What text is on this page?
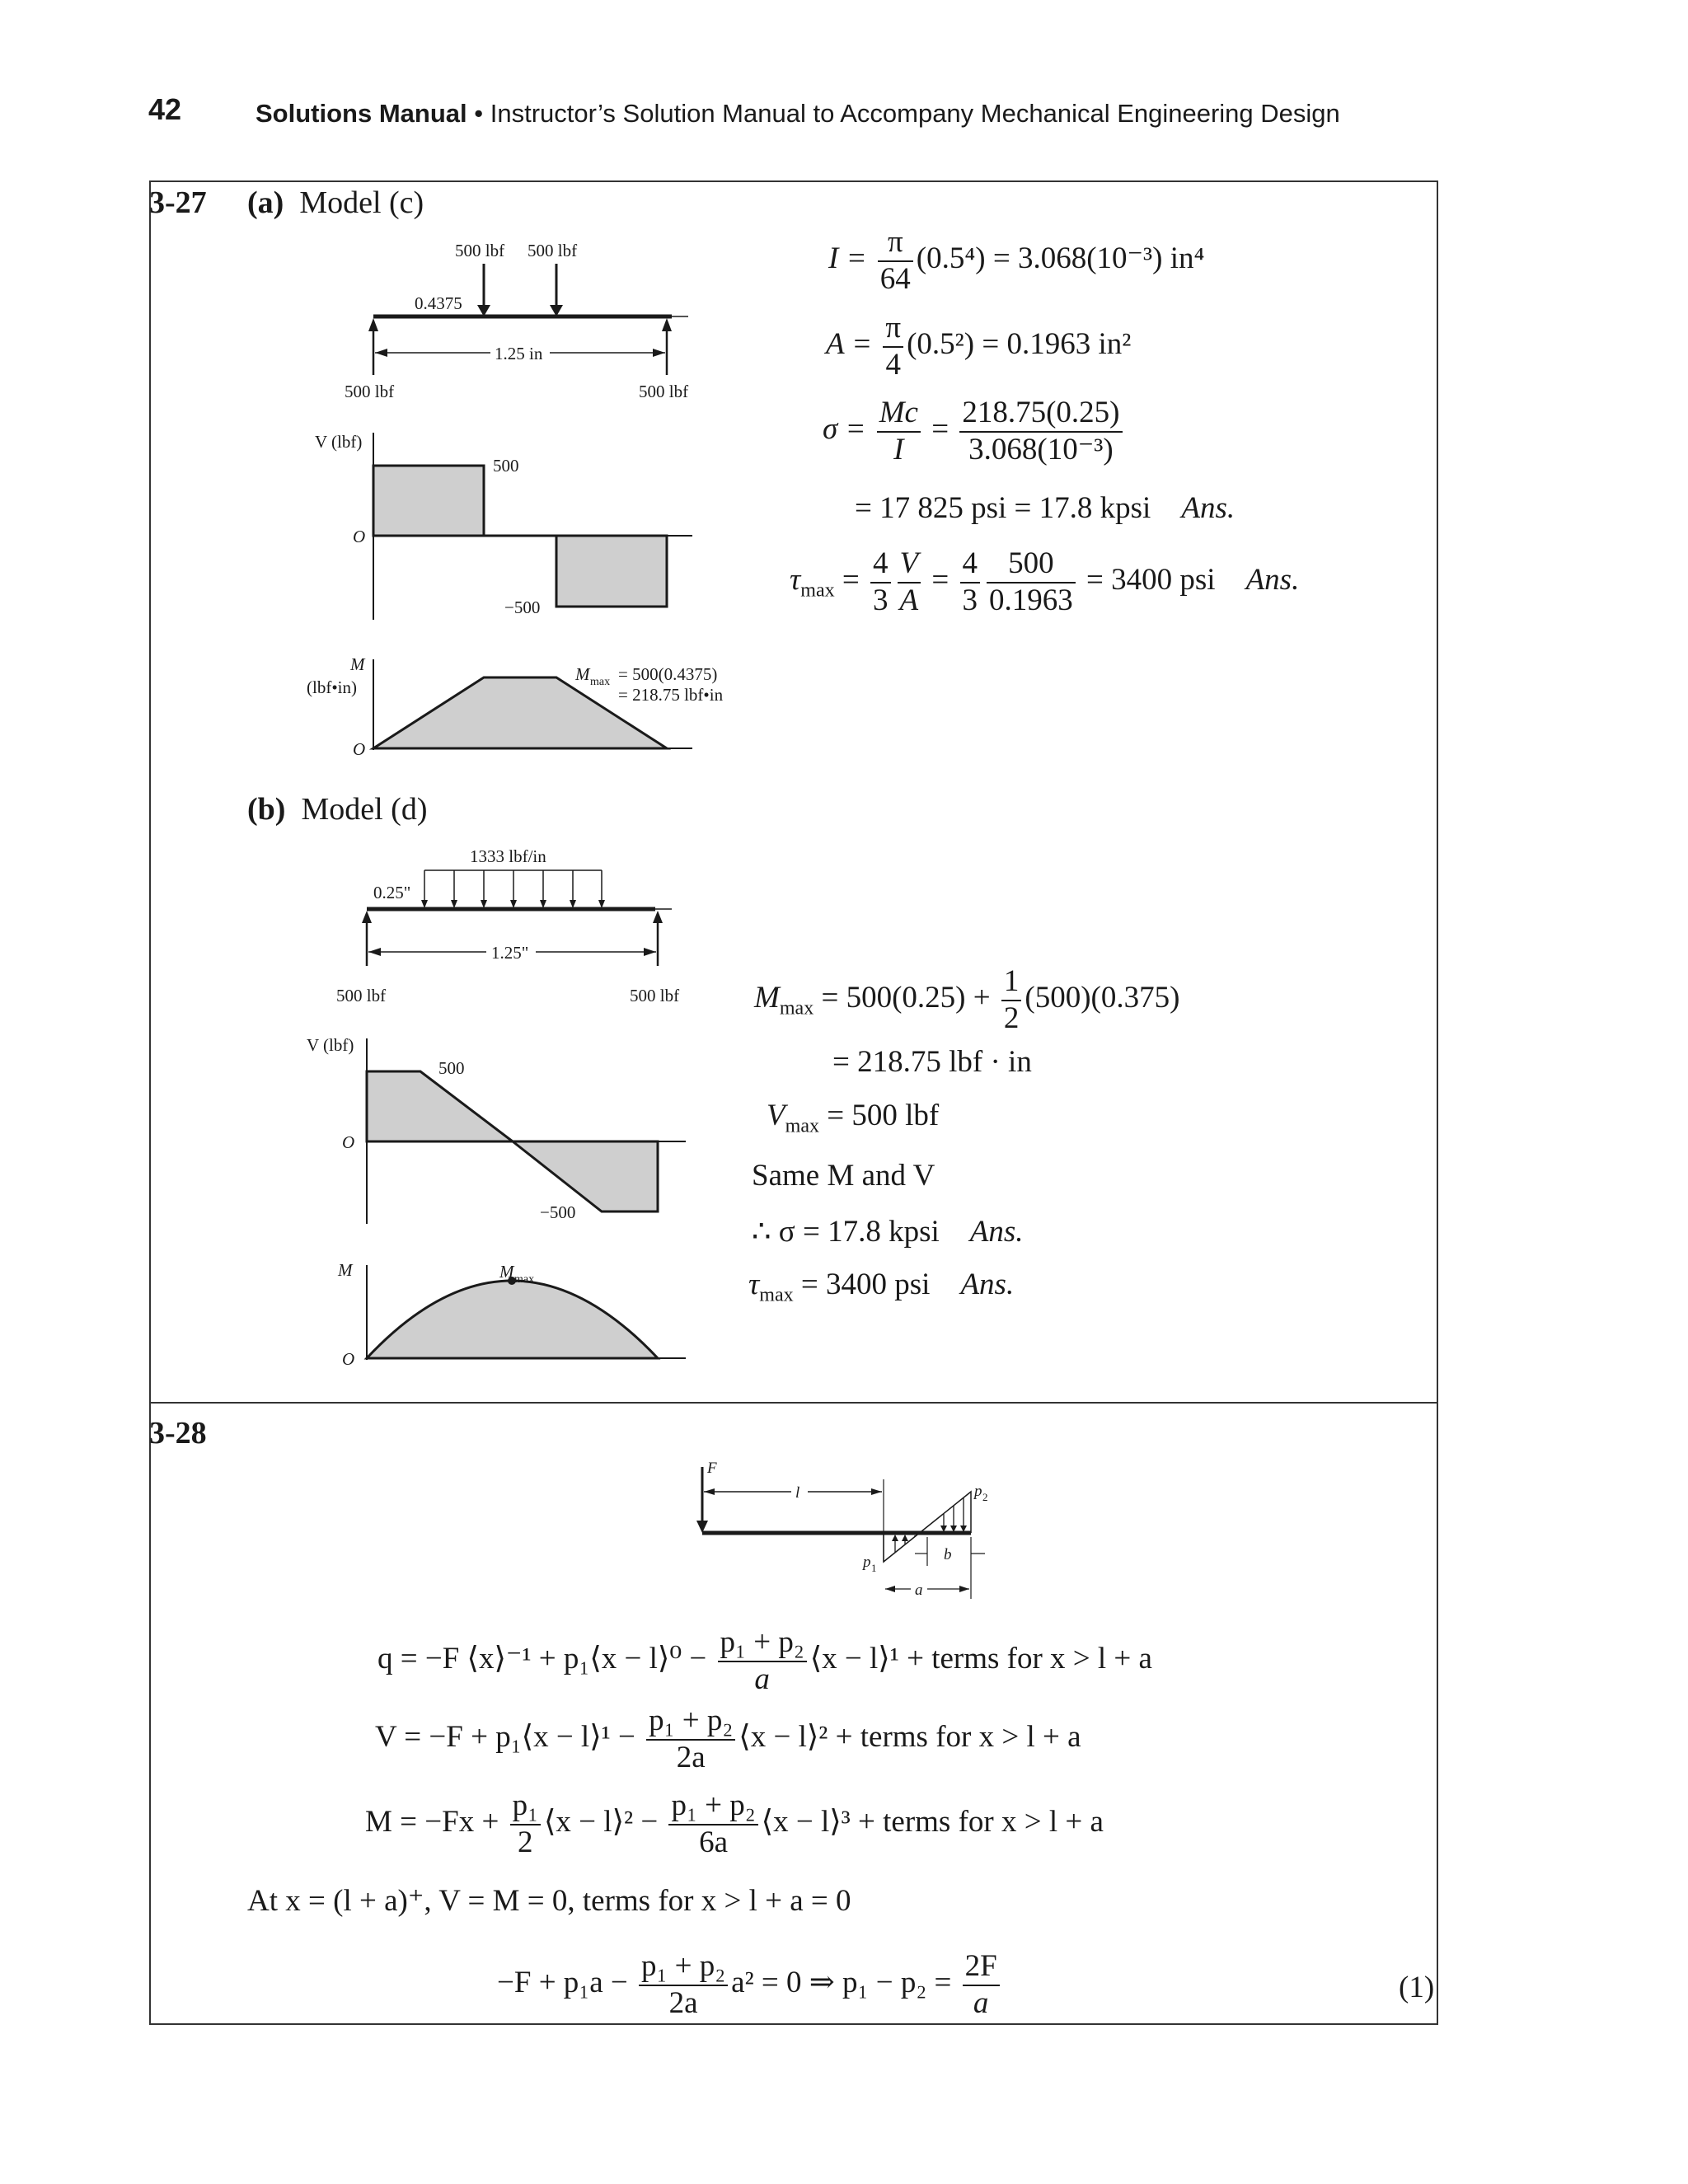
42	Solutions Manual • Instructor’s Solution Manual to Accompany Mechanical Engineering Design
3-27 (a) Model (c)
500 lbf 500 lbf
0.4375
1.25 in
500 lbf	500 lbf
V (lbf)
O
500
−500
M
(lbf•in)
O
M max = 500(0.4375)
= 218.75 lbf•in
$I = \frac{\pi}{64} (0.5^4) = 3.068(10^{-3})$ in⁴
$A = \frac{\pi}{4} (0.5^2) = 0.1963$ in²
$\sigma = \frac{Mc}{I} = \frac{218.75(0.25)}{\text{3.068(10⁻³)}}$
= 17 825 psi = 17.8 kpsi Ans.
$\tau_{max} = \frac{4}{3} \frac{V}{A} = \frac{4}{3} \frac{500}{0.1963} = 3400$ psi Ans.
(b) Model (d)
1333 lbf/in
0.25"
1.25"
500 lbf	500 lbf
V (lbf)
O
500
−500
M
O
M max
$M_{max} = 500(0.25) + \frac{1}{2} (500)(0.375)$
= 218.75 lbf · in
$V_{max} = 500$ lbf
Same M and V
∴ σ = 17.8 kpsi Ans.
$\tau_{max} = 3400$ psi Ans.
3-28
F
l	p 2
p 1
b
a
q = −F ⟨x⟩⁻¹ + p₁⟨x − l⟩⁰ − $\frac{\text{p₁ + p₂}}{a}$ ⟨x − l⟩¹ + terms for x > l + a
V = −F + p₁⟨x − l⟩¹ − $\frac{\text{p₁ + p₂}}{2a}$ ⟨x − l⟩² + terms for x > l + a
$M = -Fx + \frac{\text{p₁}}{2}$ ⟨x − l⟩² − $\frac{\text{p₁ + p₂}}{6a}$ ⟨x − l⟩³ + terms for x > l + a
At x = (l + a)⁺, V = M = 0, terms for x > l + a = 0
$-F + p_1a - \frac{\text{p₁ + p₂}}{2a} a^2 = 0$ ⇒ $p_1 - p_2 = \frac{2F}{a}$	(1)
